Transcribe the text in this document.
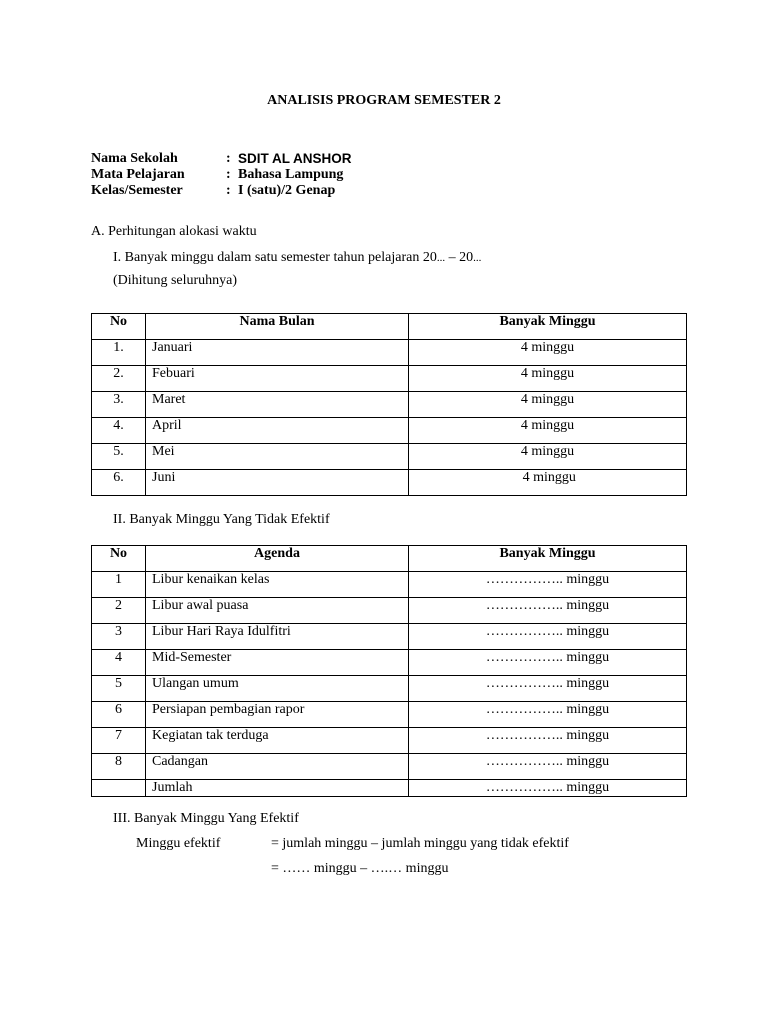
ANALISIS PROGRAM SEMESTER 2
Nama Sekolah	: SDIT AL ANSHOR
Mata Pelajaran	: Bahasa Lampung
Kelas/Semester	: I (satu)/2 Genap
A. Perhitungan alokasi waktu
I. Banyak minggu dalam satu semester tahun pelajaran 20... – 20...
(Dihitung seluruhnya)
No	Nama Bulan	Banyak Minggu
1.	Januari	4 minggu
2.	Febuari	4 minggu
3.	Maret	4 minggu
4.	April	4 minggu
5.	Mei	4 minggu
6.	Juni	4 minggu
II. Banyak Minggu Yang Tidak Efektif
No	Agenda	Banyak Minggu
1	Libur kenaikan kelas	…………….. minggu
2	Libur awal puasa	…………….. minggu
3	Libur Hari Raya Idulfitri	…………….. minggu
4	Mid-Semester	…………….. minggu
5	Ulangan umum	…………….. minggu
6	Persiapan pembagian rapor	…………….. minggu
7	Kegiatan tak terduga	…………….. minggu
8	Cadangan	…………….. minggu
	Jumlah	…………….. minggu
III. Banyak Minggu Yang Efektif
Minggu efektif	= jumlah minggu – jumlah minggu yang tidak efektif
= …… minggu – ….… minggu
